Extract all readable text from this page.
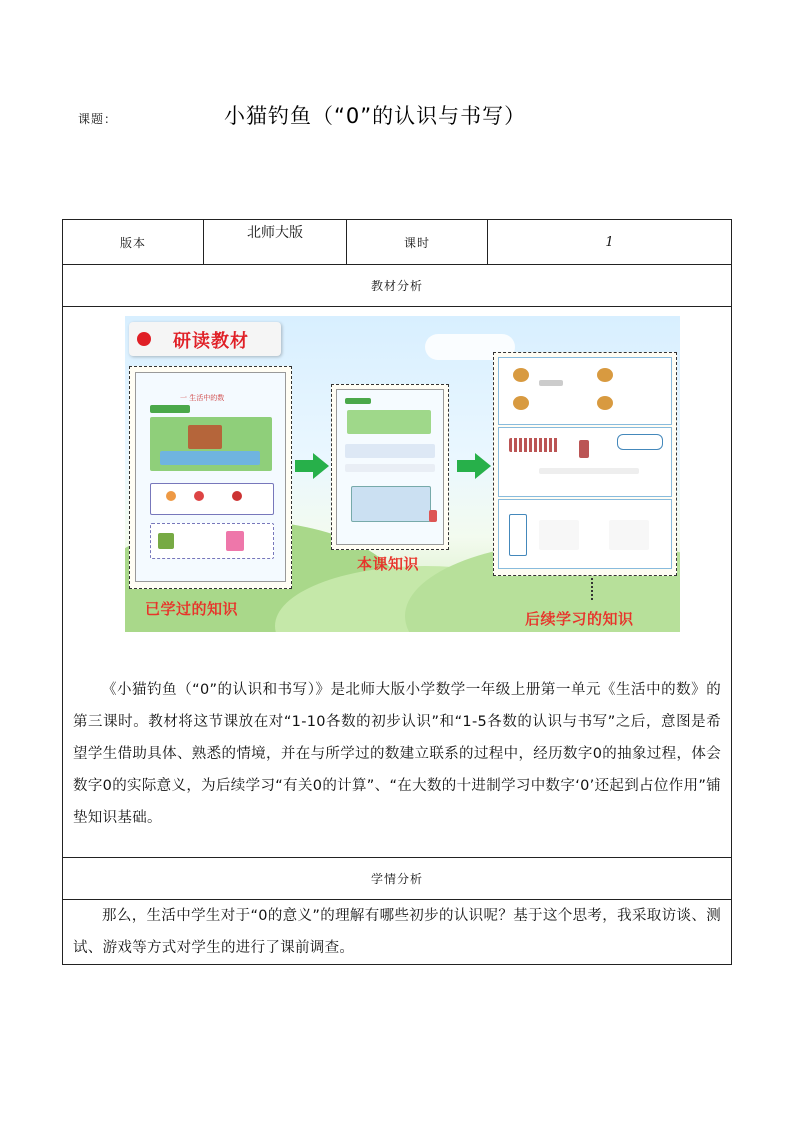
课题：	小猫钓鱼（“0”的认识与书写）
版本	北师大版	课时	1
教材分析

研读教材
一 生活中的数
已学过的知识
本课知识
后续学习的知识

《小猫钓鱼（“0”的认识和书写）》是北师大版小学数学一年级上册第一单元《生活中的数》的第三课时。教材将这节课放在对“1-10各数的初步认识”和“1-5各数的认识与书写”之后，意图是希望学生借助具体、熟悉的情境，并在与所学过的数建立联系的过程中，经历数字0的抽象过程，体会数字0的实际意义，为后续学习“有关0的计算”、“在大数的十进制学习中数字‘0’还起到占位作用”铺垫知识基础。

学情分析

那么，生活中学生对于“0的意义”的理解有哪些初步的认识呢？基于这个思考，我采取访谈、测试、游戏等方式对学生的进行了课前调查。
